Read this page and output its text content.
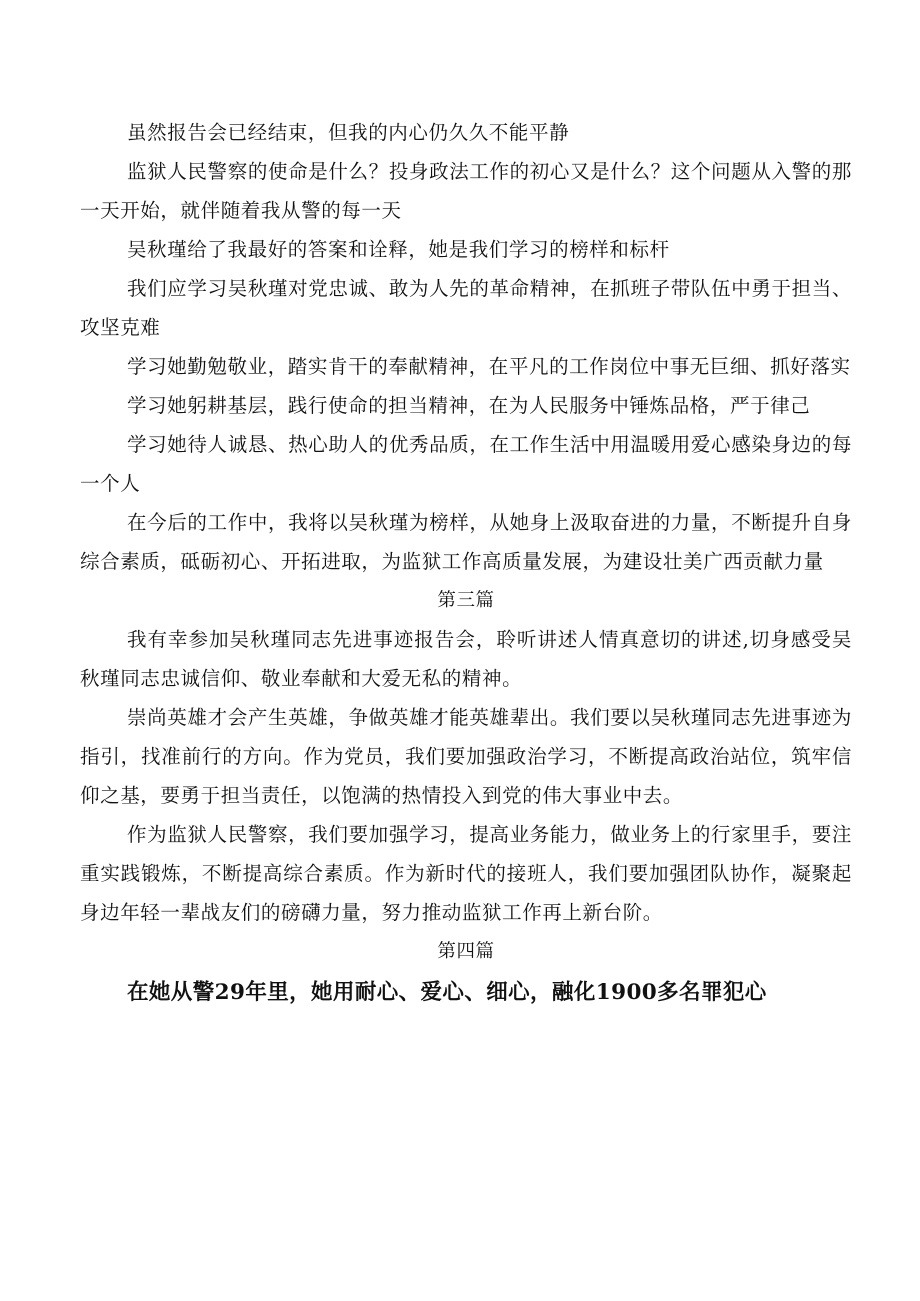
虽然报告会已经结束，但我的内心仍久久不能平静

监狱人民警察的使命是什么？投身政法工作的初心又是什么？这个问题从入警的那一天开始，就伴随着我从警的每一天

吴秋瑾给了我最好的答案和诠释，她是我们学习的榜样和标杆

我们应学习吴秋瑾对党忠诚、敢为人先的革命精神，在抓班子带队伍中勇于担当、攻坚克难

学习她勤勉敬业，踏实肯干的奉献精神，在平凡的工作岗位中事无巨细、抓好落实

学习她躬耕基层，践行使命的担当精神，在为人民服务中锤炼品格，严于律己

学习她待人诚恳、热心助人的优秀品质，在工作生活中用温暖用爱心感染身边的每一个人

在今后的工作中，我将以吴秋瑾为榜样，从她身上汲取奋进的力量，不断提升自身综合素质，砥砺初心、开拓进取，为监狱工作高质量发展，为建设壮美广西贡献力量

第三篇

我有幸参加吴秋瑾同志先进事迹报告会，聆听讲述人情真意切的讲述,切身感受吴秋瑾同志忠诚信仰、敬业奉献和大爱无私的精神。

崇尚英雄才会产生英雄，争做英雄才能英雄辈出。我们要以吴秋瑾同志先进事迹为指引，找准前行的方向。作为党员，我们要加强政治学习，不断提高政治站位，筑牢信仰之基，要勇于担当责任，以饱满的热情投入到党的伟大事业中去。

作为监狱人民警察，我们要加强学习，提高业务能力，做业务上的行家里手，要注重实践锻炼，不断提高综合素质。作为新时代的接班人，我们要加强团队协作，凝聚起身边年轻一辈战友们的磅礴力量，努力推动监狱工作再上新台阶。

第四篇

在她从警29年里，她用耐心、爱心、细心，融化1900多名罪犯心
